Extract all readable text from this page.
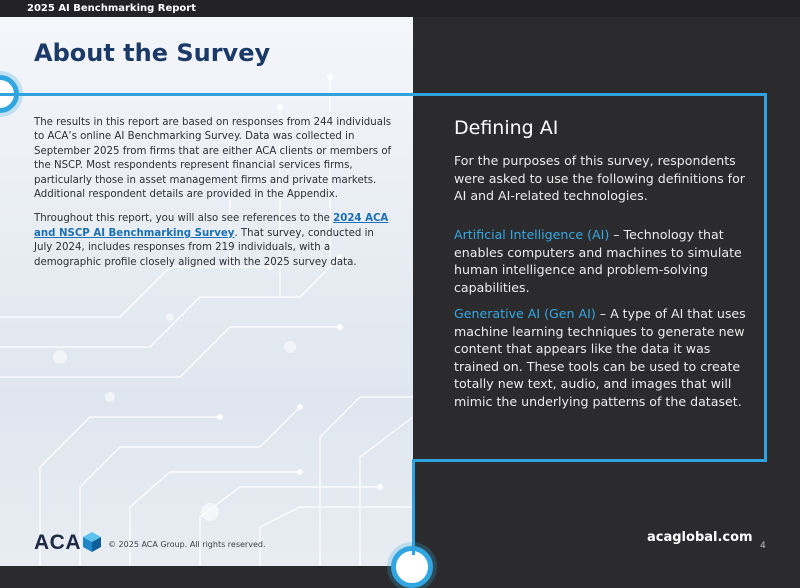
2025 AI Benchmarking Report
About the Survey

The results in this report are based on responses from 244 individuals to ACA’s online AI Benchmarking Survey. Data was collected in September 2025 from firms that are either ACA clients or members of the NSCP. Most respondents represent financial services firms, particularly those in asset management firms and private markets. Additional respondent details are provided in the Appendix.

Throughout this report, you will also see references to the 2024 ACA and NSCP AI Benchmarking Survey. That survey, conducted in July 2024, includes responses from 219 individuals, with a demographic profile closely aligned with the 2025 survey data.

Defining AI

For the purposes of this survey, respondents were asked to use the following definitions for AI and AI-related technologies.

Artificial Intelligence (AI) – Technology that enables computers and machines to simulate human intelligence and problem-solving capabilities.

Generative AI (Gen AI) – A type of AI that uses machine learning techniques to generate new content that appears like the data it was trained on. These tools can be used to create totally new text, audio, and images that will mimic the underlying patterns of the dataset.

ACA	© 2025 ACA Group. All rights reserved.	acaglobal.com
4
